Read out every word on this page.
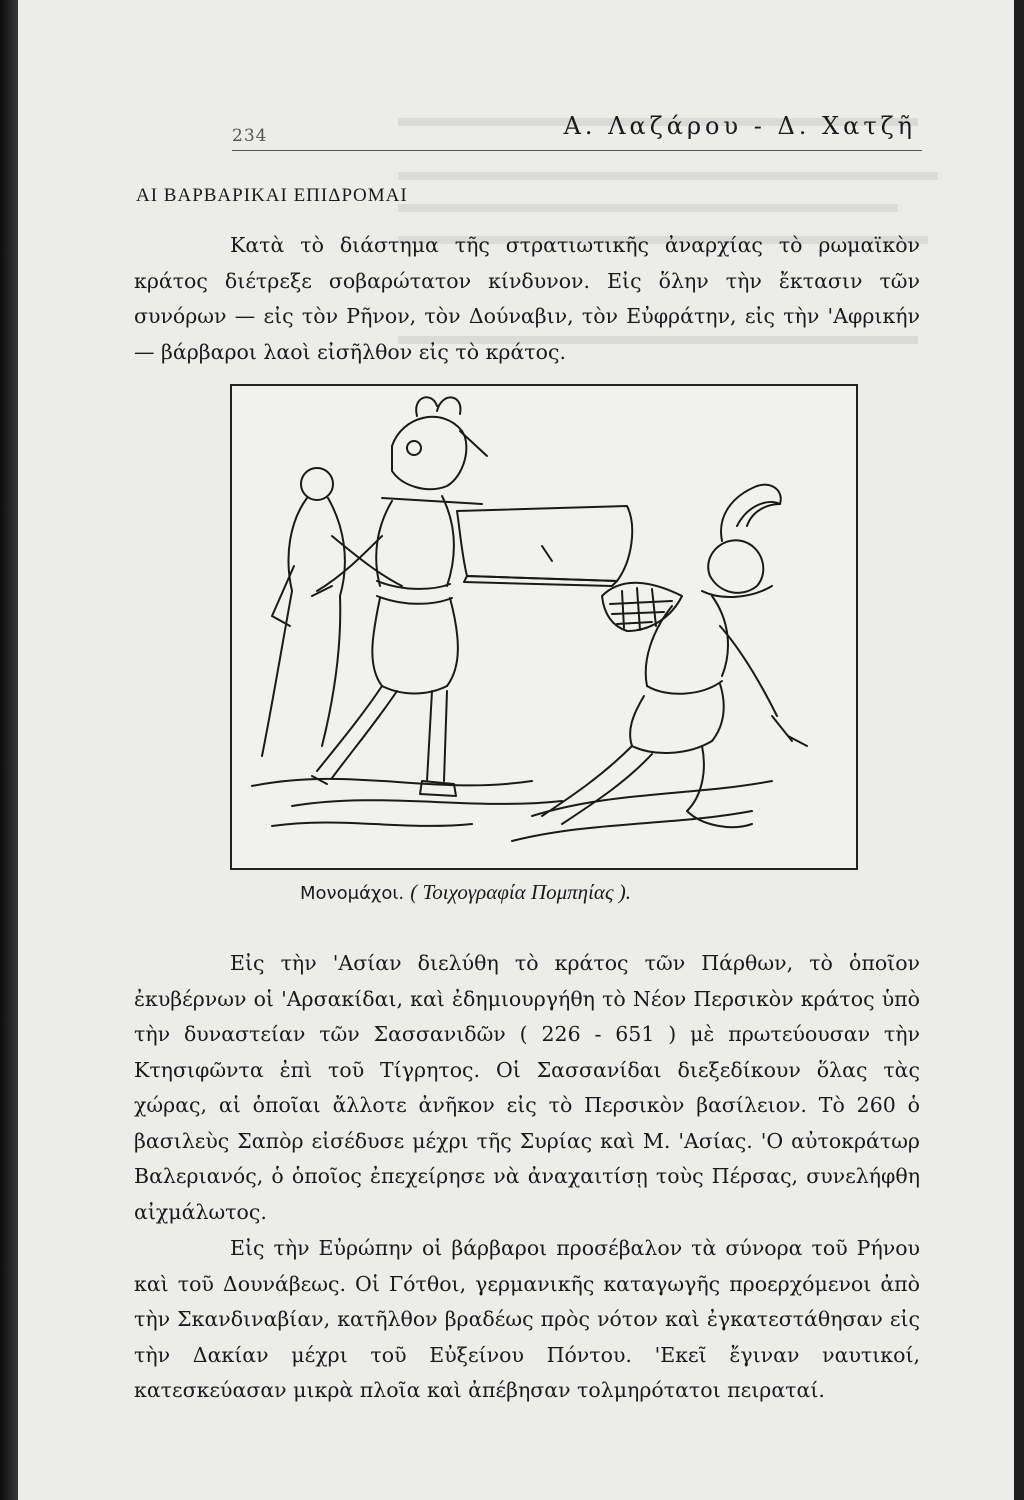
234	Α. Λαζάρου - Δ. Χατζῆ
ΑΙ ΒΑΡΒΑΡΙΚΑΙ ΕΠΙΔΡΟΜΑΙ

Κατὰ τὸ διάστημα τῆς στρατιωτικῆς ἀναρχίας τὸ ρωμαϊκὸν κράτος διέτρεξε σοβαρώτατον κίνδυνον. Εἰς ὅλην τὴν ἔκτασιν τῶν συνόρων — εἰς τὸν Ρῆνον, τὸν Δούναβιν, τὸν Εὐφράτην, εἰς τὴν 'Αφρικήν — βάρβαροι λαοὶ εἰσῆλθον εἰς τὸ κράτος.

Μονομάχοι. ( Τοιχογραφία Πομπηίας ).

Εἰς τὴν 'Ασίαν διελύθη τὸ κράτος τῶν Πάρθων, τὸ ὁποῖον ἐκυβέρνων οἱ 'Αρσακίδαι, καὶ ἐδημιουργήθη τὸ Νέον Περσικὸν κράτος ὑπὸ τὴν δυναστείαν τῶν Σασσανιδῶν ( 226 - 651 ) μὲ πρωτεύουσαν τὴν Κτησιφῶντα ἐπὶ τοῦ Τίγρητος. Οἱ Σασσανίδαι διεξεδίκουν ὅλας τὰς χώρας, αἱ ὁποῖαι ἄλλοτε ἀνῆκον εἰς τὸ Περσικὸν βασίλειον. Τὸ 260 ὁ βασιλεὺς Σαπὸρ εἰσέδυσε μέχρι τῆς Συρίας καὶ Μ. 'Ασίας. 'Ο αὐτοκράτωρ Βαλεριανός, ὁ ὁποῖος ἐπεχείρησε νὰ ἀναχαιτίσῃ τοὺς Πέρσας, συνελήφθη αἰχμάλωτος.

Εἰς τὴν Εὐρώπην οἱ βάρβαροι προσέβαλον τὰ σύνορα τοῦ Ρήνου καὶ τοῦ Δουνάβεως. Οἱ Γότθοι, γερμανικῆς καταγωγῆς προερχόμενοι ἀπὸ τὴν Σκανδιναβίαν, κατῆλθον βραδέως πρὸς νότον καὶ ἐγκατεστάθησαν εἰς τὴν Δακίαν μέχρι τοῦ Εὐξείνου Πόντου. 'Εκεῖ ἔγιναν ναυτικοί, κατεσκεύασαν μικρὰ πλοῖα καὶ ἀπέβησαν τολμηρότατοι πειραταί.
